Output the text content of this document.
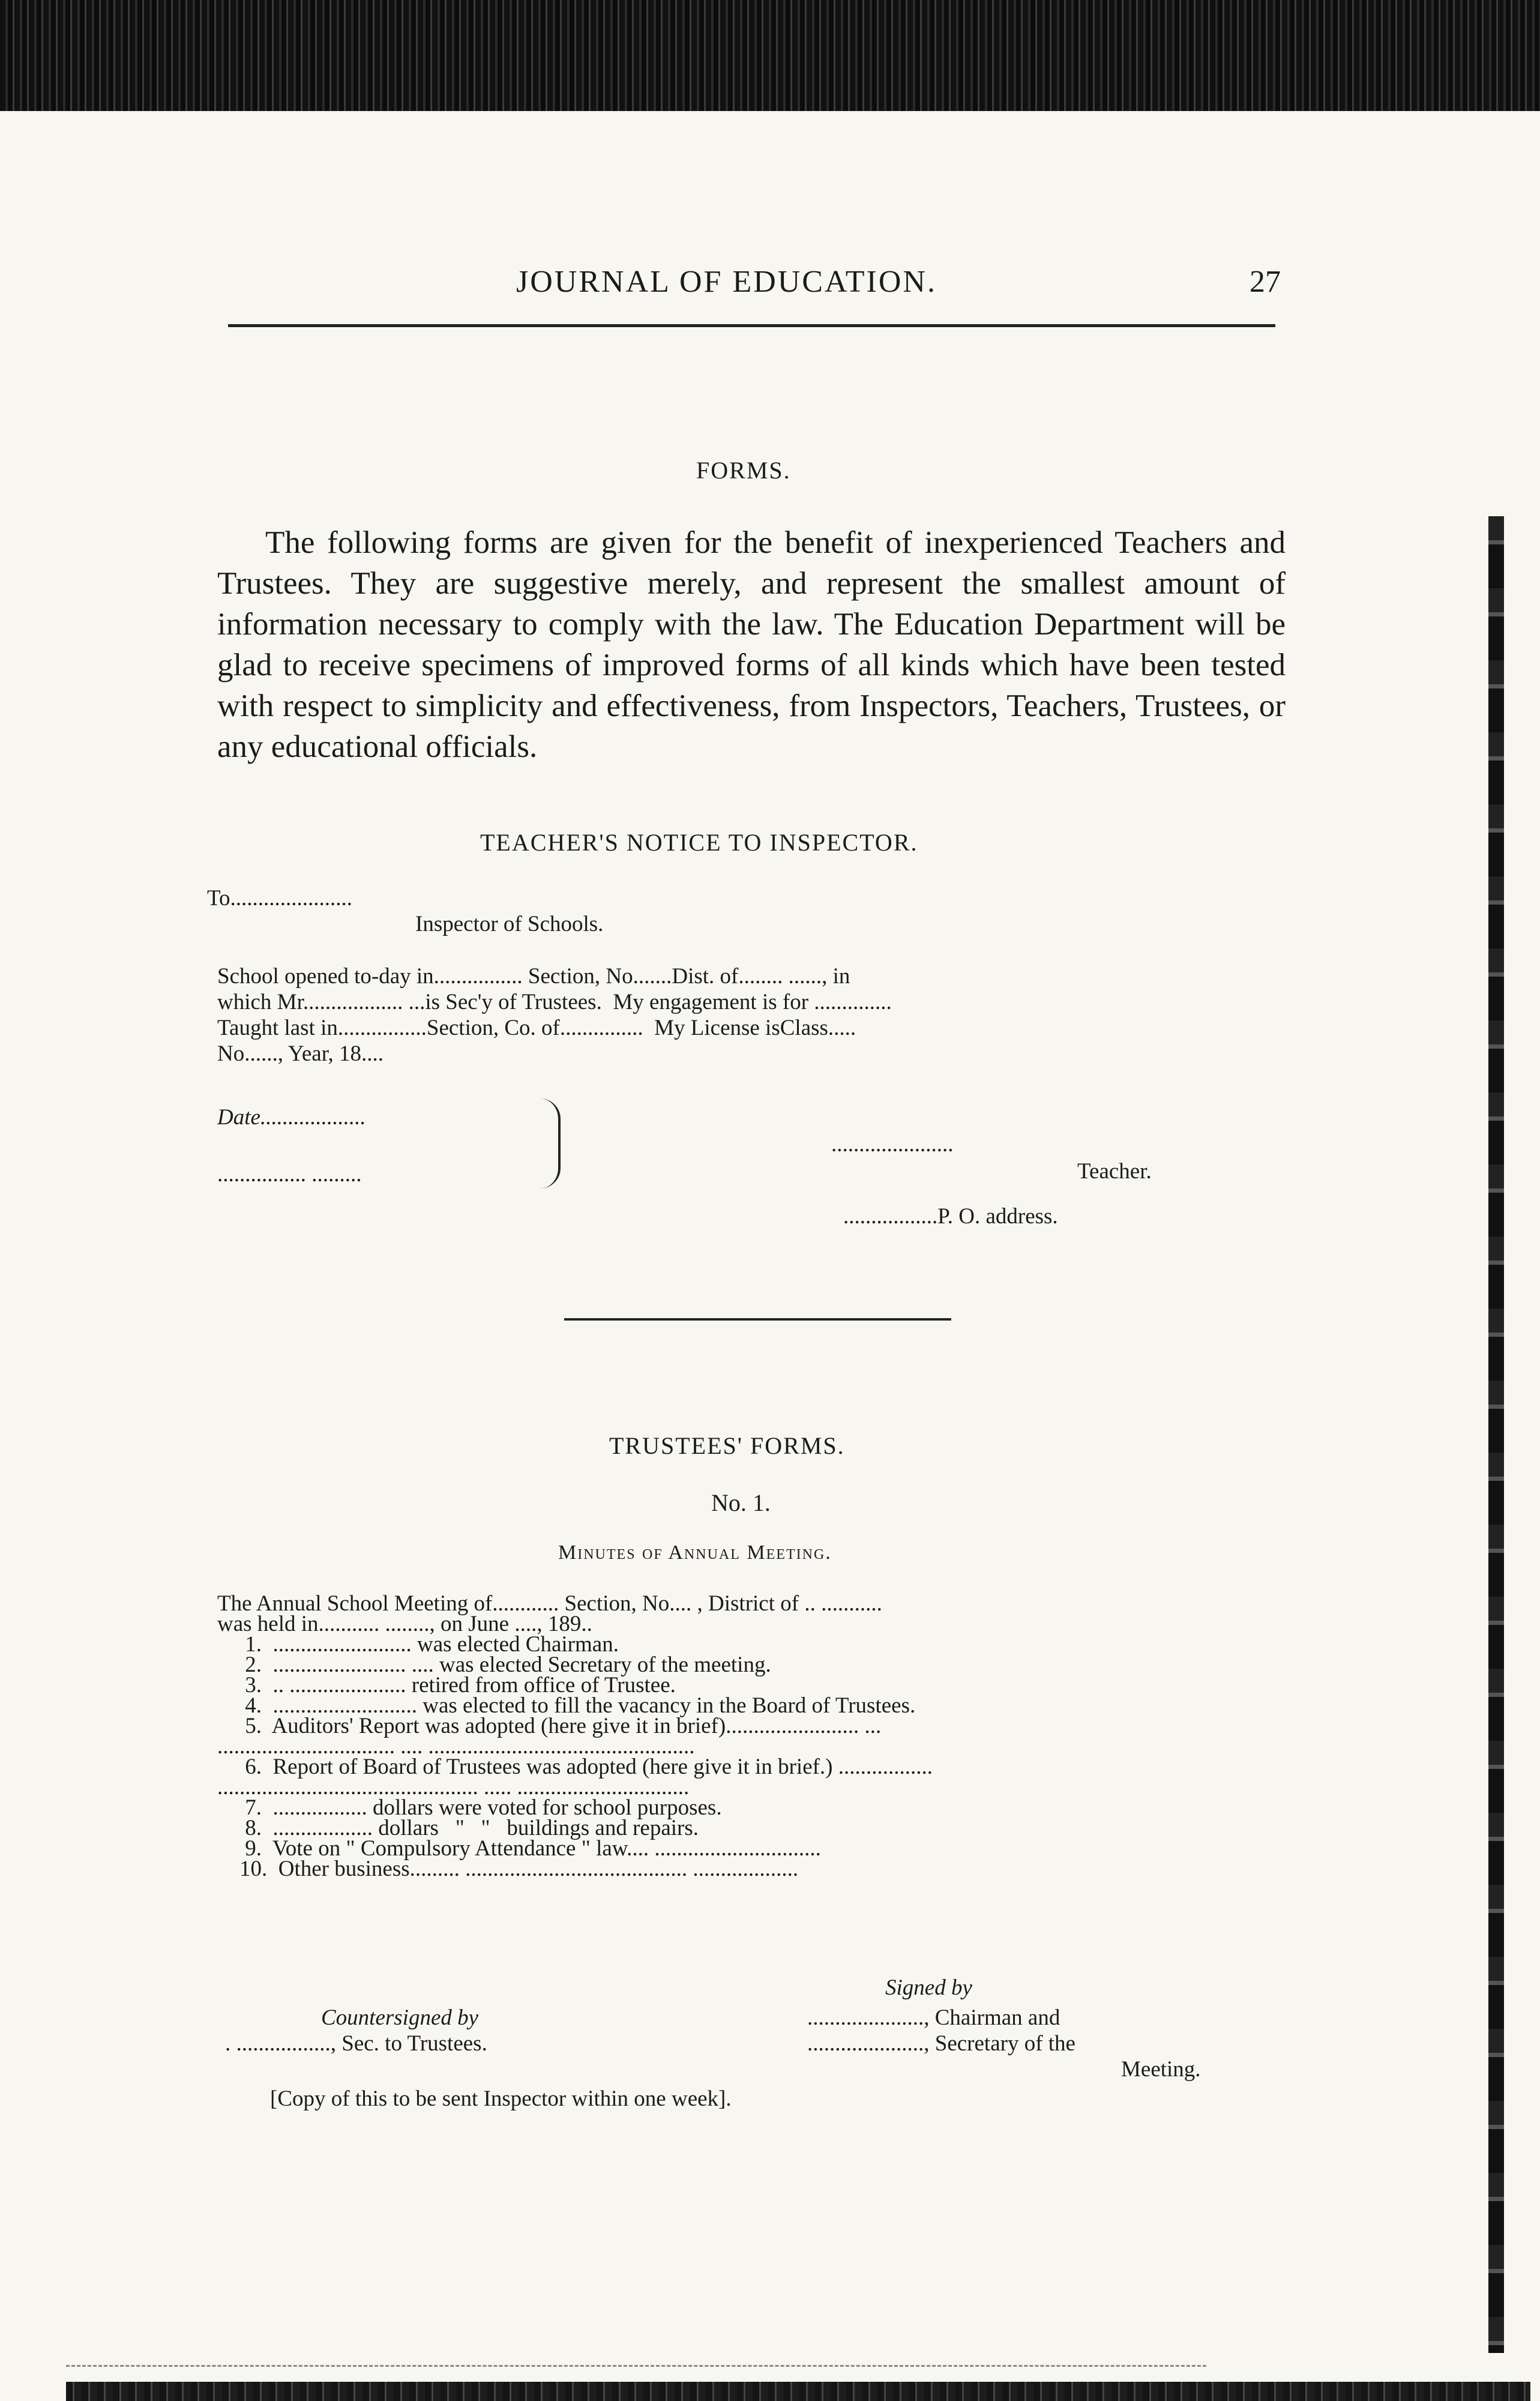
JOURNAL OF EDUCATION.	27
FORMS.
The following forms are given for the benefit of inexperienced Teachers and Trustees. They are suggestive merely, and represent the smallest amount of information necessary to comply with the law. The Education Department will be glad to receive specimens of improved forms of all kinds which have been tested with respect to simplicity and effectiveness, from Inspectors, Teachers, Trustees, or any educational officials.
TEACHER'S NOTICE TO INSPECTOR.
To......................
Inspector of Schools.
School opened to-day in................ Section, No.......Dist. of........ ......, in
which Mr.................. ...is Sec'y of Trustees.  My engagement is for ..............
Taught last in................Section, Co. of...............  My License isClass.....
No......, Year, 18....
Date...................
................ .........
......................
Teacher.
.................P. O. address.
TRUSTEES' FORMS.
No. 1.
Minutes of Annual Meeting.
The Annual School Meeting of............ Section, No.... , District of .. ...........
was held in........... ........, on June ...., 189..
1.  ......................... was elected Chairman.
2.  ........................ .... was elected Secretary of the meeting.
3.  .. ..................... retired from office of Trustee.
4.  .......................... was elected to fill the vacancy in the Board of Trustees.
5.  Auditors' Report was adopted (here give it in brief)........................ ...
................................ .... ................................................
6.  Report of Board of Trustees was adopted (here give it in brief.) .................
............................................... ..... ...............................
7.  ................. dollars were voted for school purposes.
8.  .................. dollars   "   "   buildings and repairs.
9.  Vote on " Compulsory Attendance " law.... ..............................
10.  Other business......... ........................................ ...................
Signed by
Countersigned by	....................., Chairman and
. ................., Sec. to Trustees.	....................., Secretary of the
Meeting.
[Copy of this to be sent Inspector within one week].
